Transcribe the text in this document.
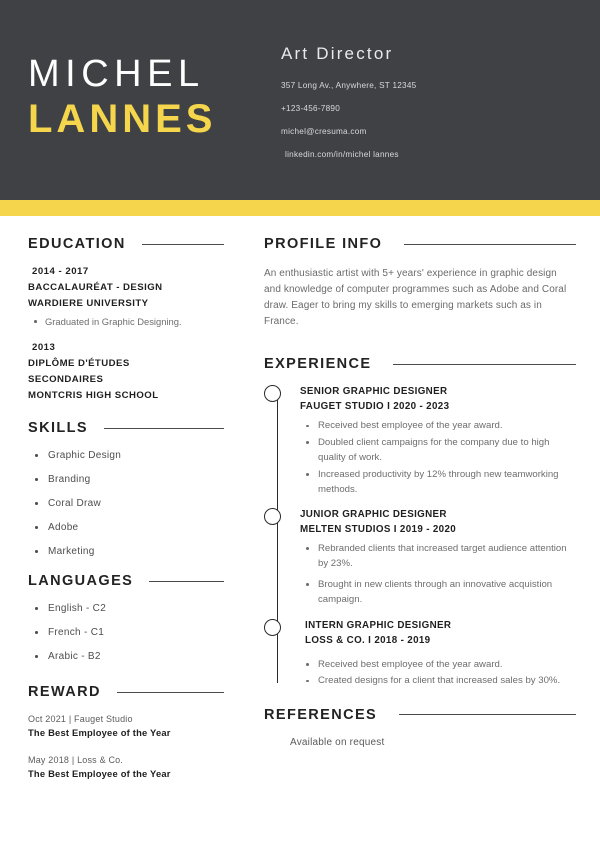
MICHEL
LANNES
Art Director
357 Long Av., Anywhere, ST 12345
+123-456-7890
michel@cresuma.com
linkedin.com/in/michel lannes
EDUCATION
2014 - 2017
BACCALAURÉAT - DESIGN
WARDIERE UNIVERSITY
Graduated in Graphic Designing.
2013
DIPLÔME D'ÉTUDES
SECONDAIRES
MONTCRIS HIGH SCHOOL
SKILLS
Graphic Design
Branding
Coral Draw
Adobe
Marketing
LANGUAGES
English - C2
French - C1
Arabic - B2
REWARD
Oct 2021 | Fauget Studio
The Best Employee of the Year
May 2018 | Loss & Co.
The Best Employee of the Year
PROFILE INFO
An enthusiastic artist with 5+ years' experience in graphic design and knowledge of computer programmes such as Adobe and Coral draw. Eager to bring my skills to emerging markets such as in France.
EXPERIENCE
SENIOR GRAPHIC DESIGNER
FAUGET STUDIO I 2020 - 2023
Received best employee of the year award.
Doubled client campaigns for the company due to high quality of work.
Increased productivity by 12% through new teamworking methods.
JUNIOR GRAPHIC DESIGNER
MELTEN STUDIOS I 2019 - 2020
Rebranded clients that increased target audience attention by 23%.
Brought in new clients through an innovative acquistion campaign.
INTERN GRAPHIC DESIGNER
LOSS & CO. I 2018 - 2019
Received best employee of the year award.
Created designs for a client that increased sales by 30%.
REFERENCES
Available on request
